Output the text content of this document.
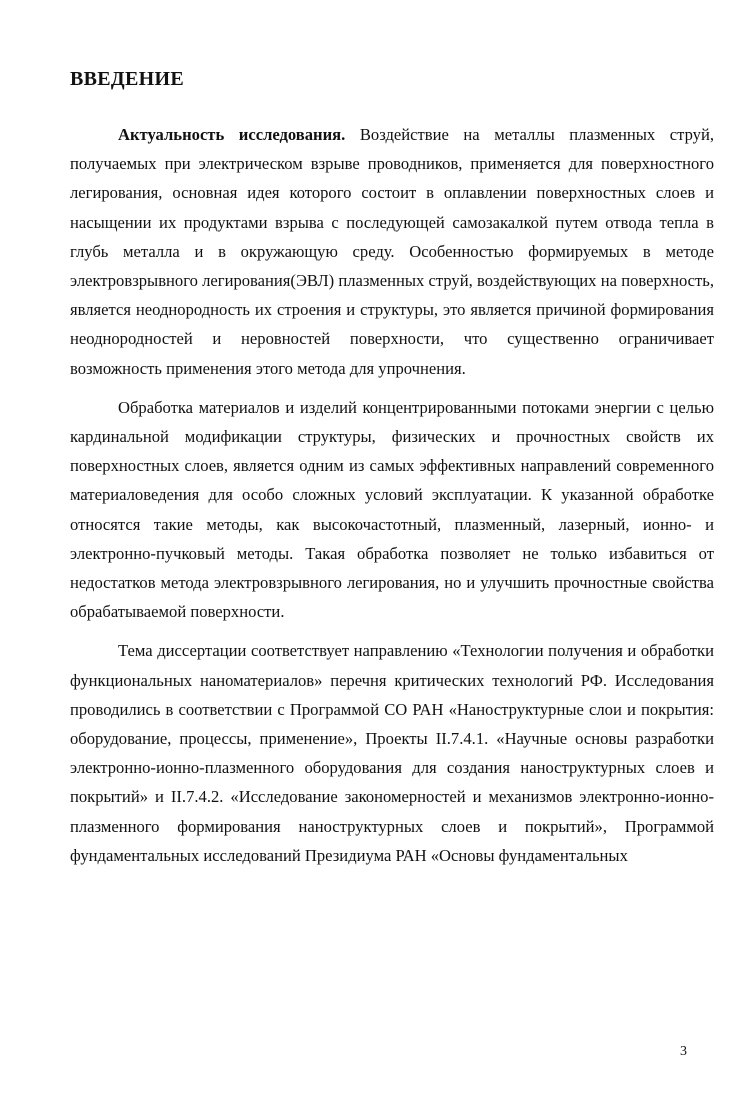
ВВЕДЕНИЕ

Актуальность исследования. Воздействие на металлы плазменных струй, получаемых при электрическом взрыве проводников, применяется для поверхностного легирования, основная идея которого состоит в оплавлении поверхностных слоев и насыщении их продуктами взрыва с последующей самозакалкой путем отвода тепла в глубь металла и в окружающую среду. Особенностью формируемых в методе электровзрывного легирования(ЭВЛ) плазменных струй, воздействующих на поверхность, является неоднородность их строения и структуры, это является причиной формирования неоднородностей и неровностей поверхности, что существенно ограничивает возможность применения этого метода для упрочнения.

Обработка материалов и изделий концентрированными потоками энергии с целью кардинальной модификации структуры, физических и прочностных свойств их поверхностных слоев, является одним из самых эффективных направлений современного материаловедения для особо сложных условий эксплуатации. К указанной обработке относятся такие методы, как высокочастотный, плазменный, лазерный, ионно- и электронно-пучковый методы. Такая обработка позволяет не только избавиться от недостатков метода электровзрывного легирования, но и улучшить прочностные свойства обрабатываемой поверхности.

Тема диссертации соответствует направлению «Технологии получения и обработки функциональных наноматериалов» перечня критических технологий РФ. Исследования проводились в соответствии с Программой СО РАН «Наноструктурные слои и покрытия: оборудование, процессы, применение», Проекты II.7.4.1. «Научные основы разработки электронно-ионно-плазменного оборудования для создания наноструктурных слоев и покрытий» и II.7.4.2. «Исследование закономерностей и механизмов электронно-ионно-плазменного формирования наноструктурных слоев и покрытий», Программой фундаментальных исследований Президиума РАН «Основы фундаментальных

3
